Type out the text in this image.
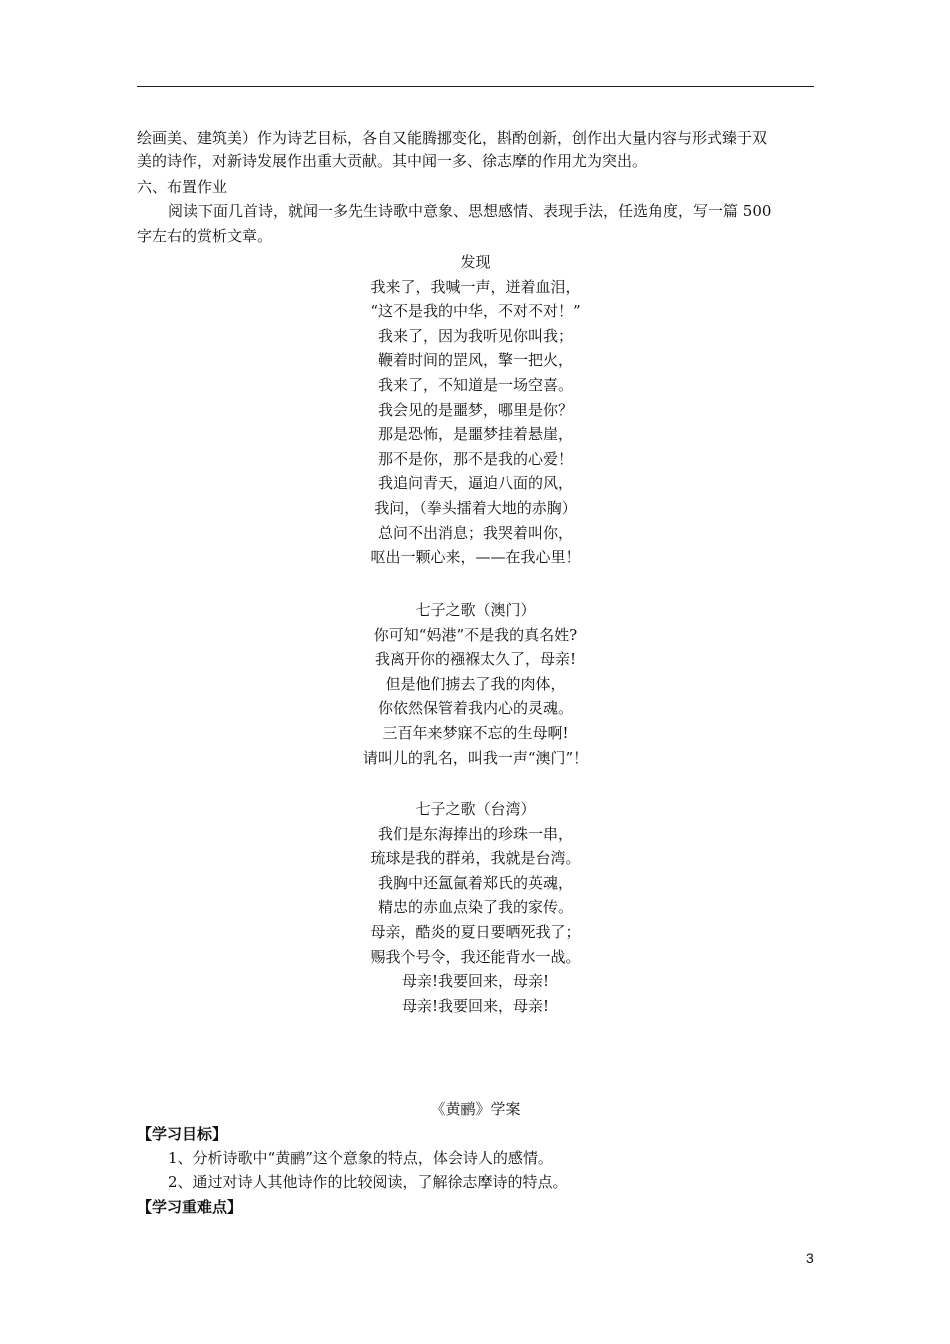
绘画美、建筑美）作为诗艺目标，各自又能腾挪变化，斟酌创新，创作出大量内容与形式臻于双
美的诗作，对新诗发展作出重大贡献。其中闻一多、徐志摩的作用尤为突出。
六、布置作业
阅读下面几首诗，就闻一多先生诗歌中意象、思想感情、表现手法，任选角度，写一篇 500
字左右的赏析文章。
发现
我来了，我喊一声，迸着血泪，
“这不是我的中华，不对不对！”
我来了，因为我听见你叫我；
鞭着时间的罡风，擎一把火，
我来了，不知道是一场空喜。
我会见的是噩梦，哪里是你？
那是恐怖，是噩梦挂着悬崖，
那不是你，那不是我的心爱！
我追问青天，逼迫八面的风，
我问，（拳头擂着大地的赤胸）
总问不出消息；我哭着叫你，
呕出一颗心来，——在我心里！
七子之歌（澳门）
你可知“妈港”不是我的真名姓?
我离开你的襁褓太久了，母亲!
但是他们掳去了我的肉体，
你依然保管着我内心的灵魂。
三百年来梦寐不忘的生母啊!
请叫儿的乳名，叫我一声“澳门”！
七子之歌（台湾）
我们是东海捧出的珍珠一串，
琉球是我的群弟，我就是台湾。
我胸中还氲氤着郑氏的英魂，
精忠的赤血点染了我的家传。
母亲，酷炎的夏日要晒死我了；
赐我个号令，我还能背水一战。
母亲!我要回来，母亲!
母亲!我要回来，母亲!
《黄鹂》学案
【学习目标】
1、分析诗歌中“黄鹂”这个意象的特点，体会诗人的感情。
2、通过对诗人其他诗作的比较阅读，了解徐志摩诗的特点。
【学习重难点】
3
